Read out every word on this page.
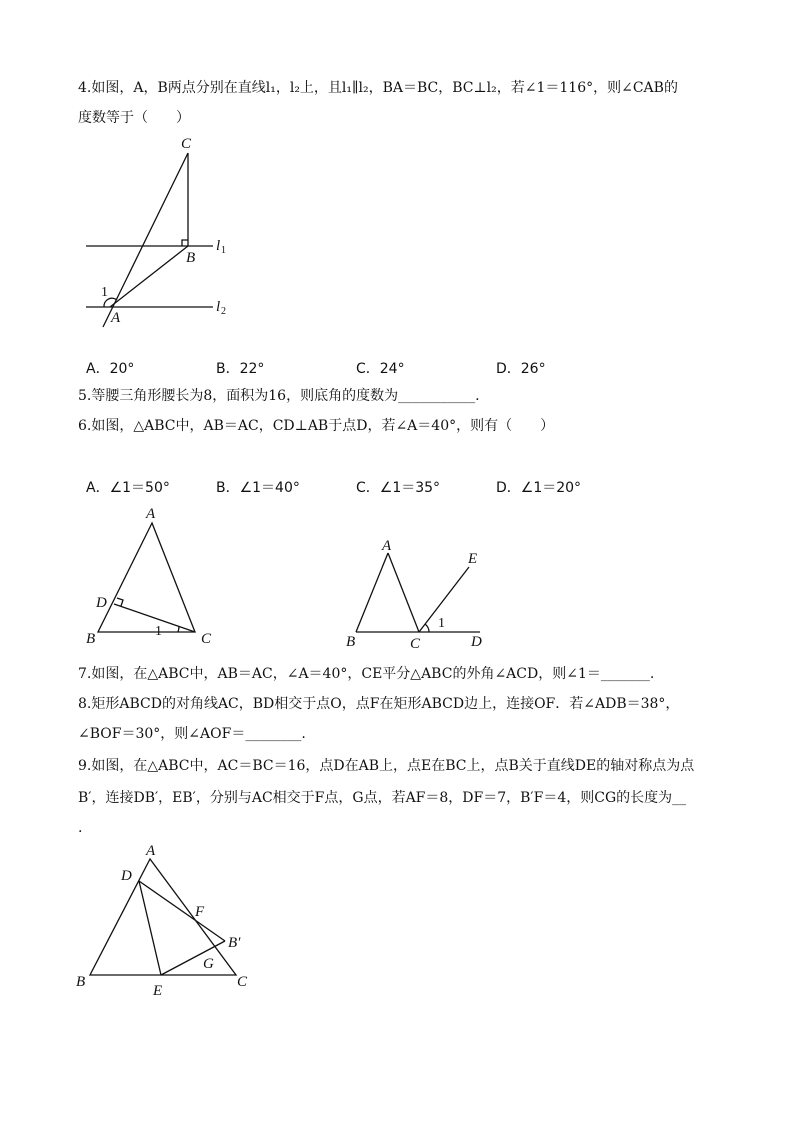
4.如图，A，B两点分别在直线l₁，l₂上，且l₁∥l₂，BA＝BC，BC⊥l₂，若∠1＝116°，则∠CAB的
度数等于（　　）
C
B
A
1
l 1
l 2
A．20°	B．22°	C．24°	D．26°
5.等腰三角形腰长为8，面积为16，则底角的度数为___________.
6.如图，△ABC中，AB＝AC，CD⊥AB于点D，若∠A＝40°，则有（　　）
A．∠1＝50°	B．∠1＝40°	C．∠1＝35°	D．∠1＝20°
A
D
B	C
1
A
E
B	C	D
1
7.如图，在△ABC中，AB＝AC，∠A＝40°，CE平分△ABC的外角∠ACD，则∠1＝_______.
8.矩形ABCD的对角线AC，BD相交于点O，点F在矩形ABCD边上，连接OF．若∠ADB＝38°，
∠BOF＝30°，则∠AOF＝________.
9.如图，在△ABC中，AC＝BC＝16，点D在AB上，点E在BC上，点B关于直线DE的轴对称点为点
B′，连接DB′，EB′，分别与AC相交于F点，G点，若AF＝8，DF＝7，B′F＝4，则CG的长度为__
.
A
D
F
B′
G
B
E
C
